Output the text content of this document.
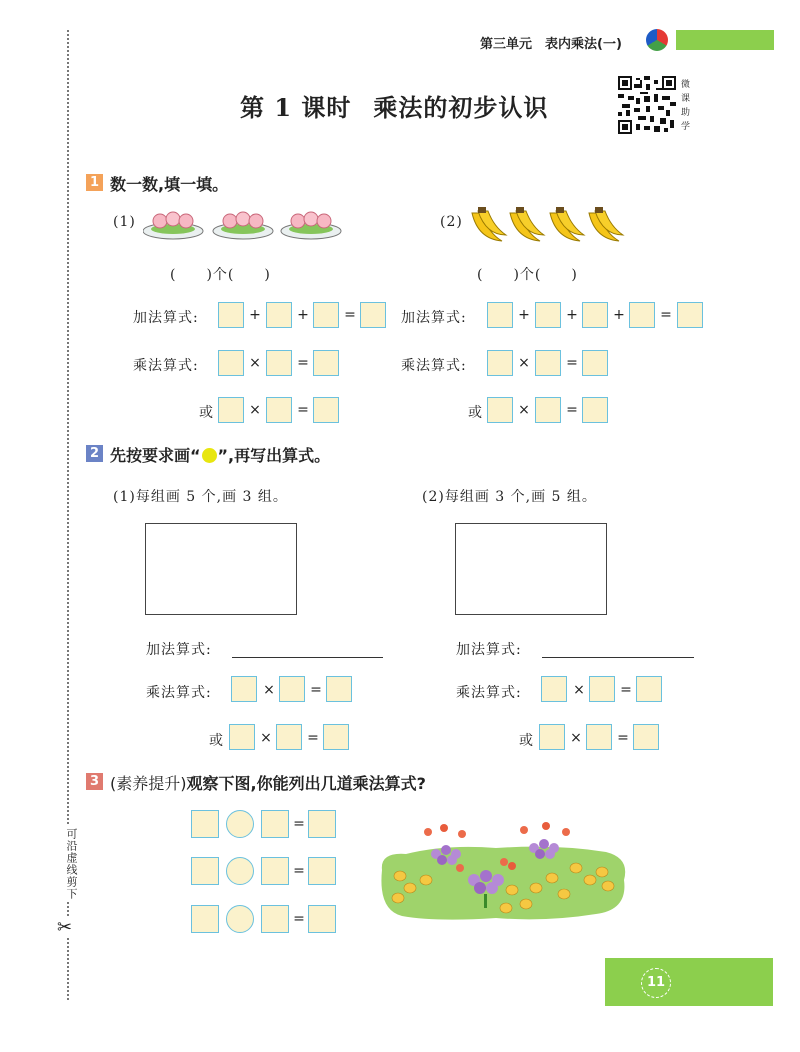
可沿虚线剪下
✂
第三单元　表内乘法(一)
第 1 课时 乘法的初步认识
微课助学
1 数一数,填一填。
(1)	(2)
(　　)个(　　)	(　　)个(　　)
加法算式:	+	+	=	加法算式:	+	+	+	=
乘法算式:	×	=	乘法算式:	×	=
或	×	=	或	×	=
2 先按要求画“ ”,再写出算式。
(1)每组画 5 个,画 3 组。	(2)每组画 3 个,画 5 组。
加法算式:
乘法算式:	×	=
或	×	=
加法算式:
乘法算式:	×	=
或	×	=
3 (素养提升)观察下图,你能列出几道乘法算式?
=
=
=
11
